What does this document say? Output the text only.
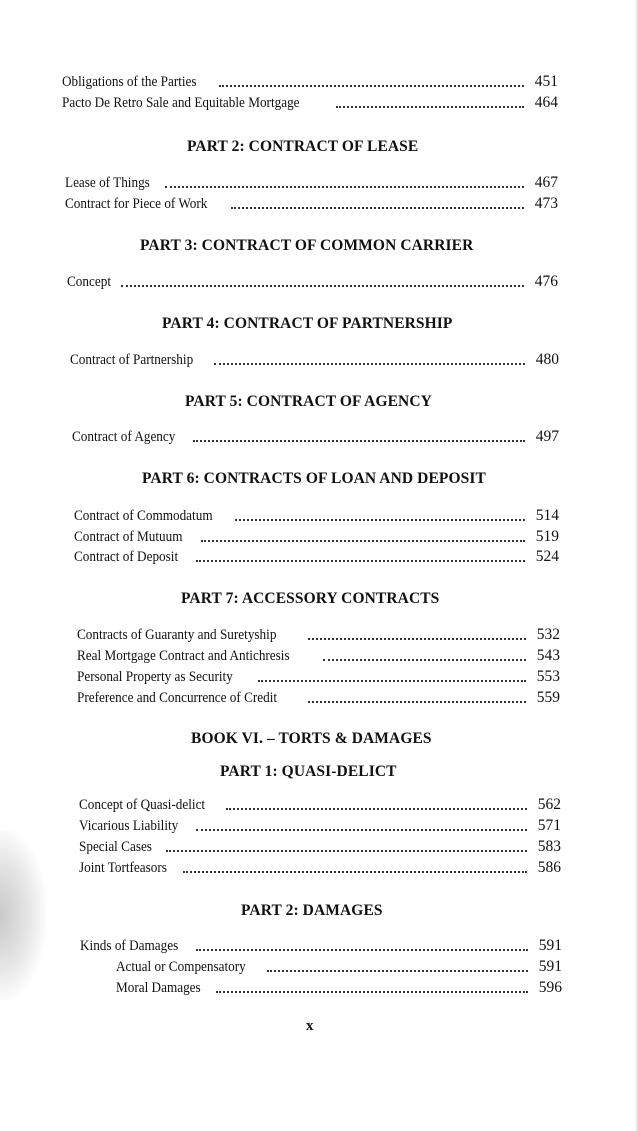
Obligations of the Parties	451
Pacto De Retro Sale and Equitable Mortgage	464
PART 2: CONTRACT OF LEASE
Lease of Things	467
Contract for Piece of Work	473
PART 3: CONTRACT OF COMMON CARRIER
Concept	476
PART 4: CONTRACT OF PARTNERSHIP
Contract of Partnership	480
PART 5: CONTRACT OF AGENCY
Contract of Agency	497
PART 6: CONTRACTS OF LOAN AND DEPOSIT
Contract of Commodatum	514
Contract of Mutuum	519
Contract of Deposit	524
PART 7: ACCESSORY CONTRACTS
Contracts of Guaranty and Suretyship	532
Real Mortgage Contract and Antichresis	543
Personal Property as Security	553
Preference and Concurrence of Credit	559
BOOK VI. – TORTS & DAMAGES
PART 1: QUASI-DELICT
Concept of Quasi-delict	562
Vicarious Liability	571
Special Cases	583
Joint Tortfeasors	586
PART 2: DAMAGES
Kinds of Damages	591
Actual or Compensatory	591
Moral Damages	596
x
